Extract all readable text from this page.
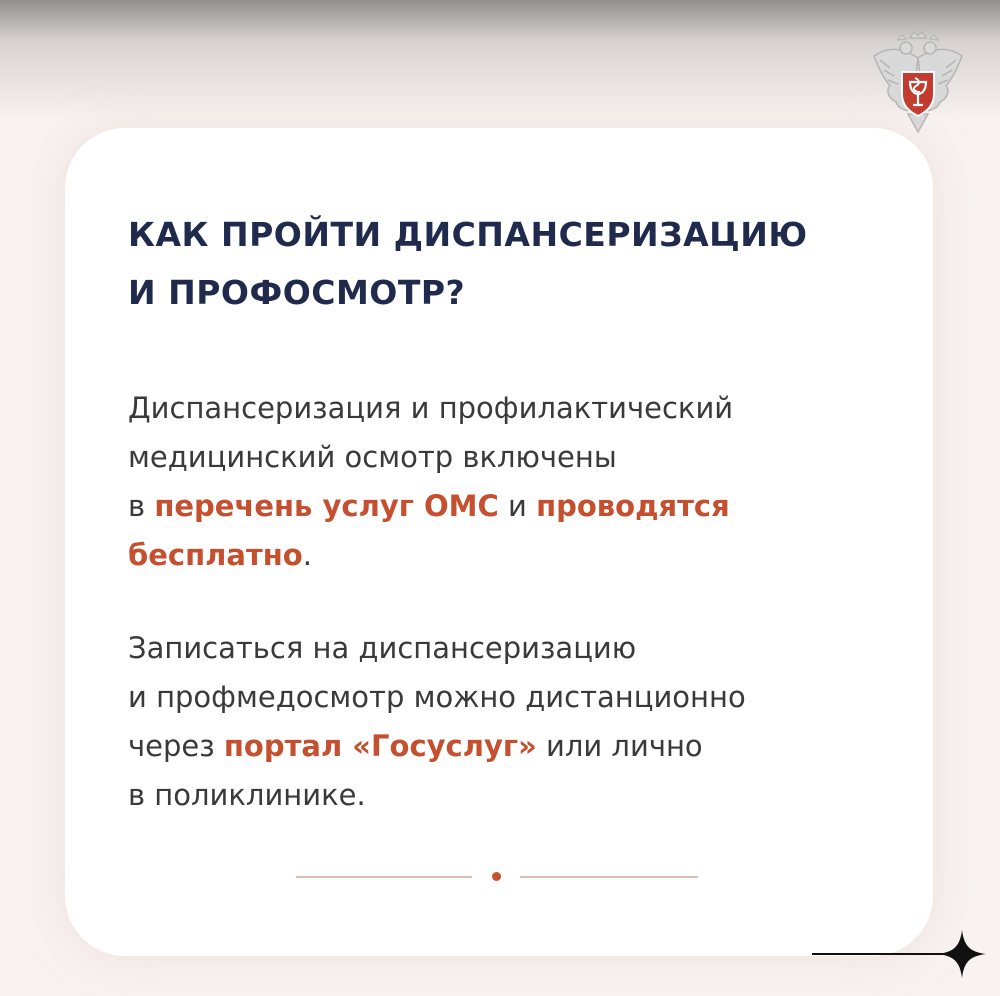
КАК ПРОЙТИ ДИСПАНСЕРИЗАЦИЮ
И ПРОФОСМОТР?

Диспансеризация и профилактический
медицинский осмотр включены
в перечень услуг ОМС и проводятся
бесплатно.

Записаться на диспансеризацию
и профмедосмотр можно дистанционно
через портал «Госуслуг» или лично
в поликлинике.
